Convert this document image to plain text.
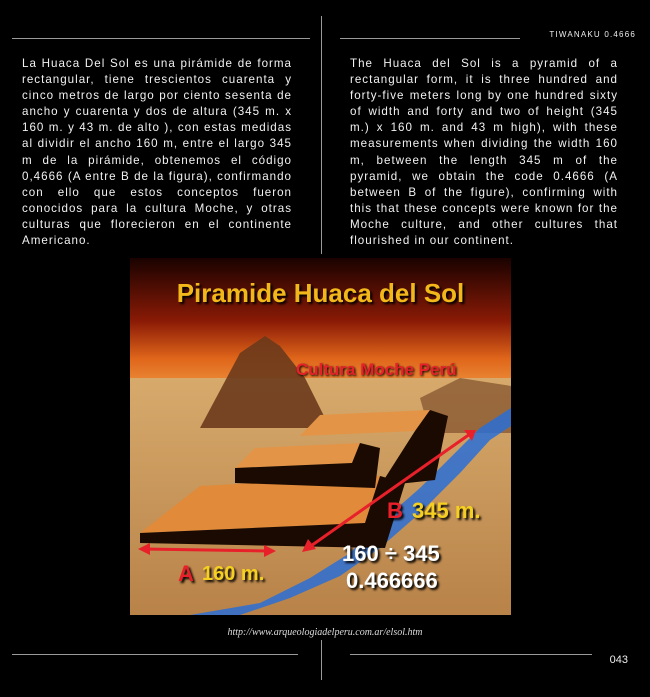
TIWANAKU 0.4666
La Huaca Del Sol es una pirámide de forma rectangular, tiene trescientos cuarenta y cinco metros de largo por ciento sesenta de ancho y cuarenta y dos de altura (345 m. x 160 m. y 43 m. de alto ), con estas medidas al dividir el ancho 160 m, entre el largo 345 m de la pirámide, obtenemos el código 0,4666 (A entre B de la figura), confirmando con ello que estos conceptos fueron conocidos para la cultura Moche, y otras culturas que florecieron en el continente Americano.
The Huaca del Sol is a pyramid of a rectangular form, it is three hundred and forty-five meters long by one hundred sixty of width and forty and two of height (345 m.) x 160 m. and 43 m high), with these measurements when dividing the width 160 m, between the length 345 m of the pyramid, we obtain the code 0.4666 (A between B of the figure), confirming with this that these concepts were known for the Moche culture, and other cultures that flourished in our continent.
Piramide Huaca del Sol
Cultura Moche Perú
B 345 m.
160 ÷ 345
0.466666
A 160 m.
http://www.arqueologiadelperu.com.ar/elsol.htm
043
